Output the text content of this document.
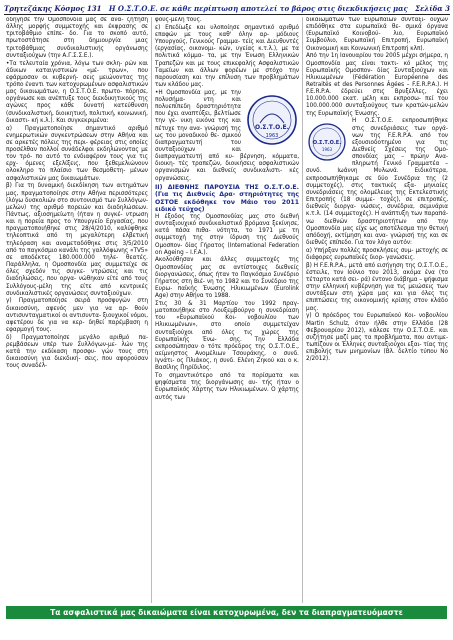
Τρητεζάκης Κόσμος 131 Η Ο.Σ.Τ.Ο.Ε. σε κάθε περίπτωση αποτελεί το βάρος στις διεκδικήσεις μας Σελίδα 3

οδηγήσε την Ομοσπονδία μας σε ανα- ζήτηση άλλης μορφής συμμετοχής και έκφρασης σε τριτοβάθμιο επίπε- δο. Για το σκοπό αυτό, πρωτοστάτησε στη δημιουργία μιας τριτοβάθμιας συνδικαλιστικής οργάνωσης συνταξιούχων (την Α.Γ.Σ.Σ.Ε.).

•Τα τελευταία χρόνια, λόγω των σκλη- ρών και άδικων καταιγιστικών «μέ- τρων», που εφάρμοσαν οι κυβερνή- σεις μειώνοντας της τρόπο έναντι των κατοχυρωμένων ασφαλιστικών μας δικαιωμάτων, η Ο.Σ.Τ.Ο.Ε. πρωτο- πόρησε, οργάνωσε και ανέπτυξε τους διεκδικητικούς της αγώνες προς κάθε δυνατή κατεύθυνση (συνδικαλιστική, διοικητική, πολιτική, κοινωνική, δικαστι- κή κ.λ.). Και συγκεκριμένα:

α) Πραγματοποίησε σημαντικό αριθμό ενημερωτικών συγκεντρώσεων στην Αθήνα και σε αρκετές πόλεις της περι- φέρειας στις οποίες προσέλθαν πολλοί συνάδελφοι εκδηλώνοντας με τον τρό- πο αυτό το ενδιαφέρον τους για τις ερχ- όμενες εξελίξεις, που ξεθεμελιώνουν ολοκληρο το πλαίσιο των θεσμοθετη- μένων ασφαλιστικών μας δικαιωμάτων.

β) Για τη δυναμική διεκδίκηση των αιτημάτων μας, πραγματοποίησε στην Αθήνα περισσότερες (λόγω δυσκολιών στο συντονισμό των Συλλόγων-μελών) της αριθμό πορειών και διαδηλώσεων. Πάντως, αξιοσημείωτη (ήταν η συγκέ- ντρωση και η πορεία προς το Υπουργείο Εργασίας, που πραγματοποιήθηκε στις 28/4/2010, καλύφθηκε τηλεοπτικά από τη μεγαλύτερη ελβετική τηλεόραση και αναμεταδόθηκε στις 3/5/2010 από το παγκόσμιο κανάλι της γαλλόφωνης «TV5» σε αποδέκτες 180.000.000 τηλε- θεατές. Παράλληλα, η Ομοσπονδία μας συμμετείχε σε όλες σχεδόν τις συγκε- ντρώσεις και τις διαδηλώσεις, που οργα- νώθηκαν είτε από τους Συλλόγους-μέλη της είτε από κεντρικές συνδικαλιστικές οργανώσεις συνταξιούχων.

γ) Πραγματοποίησε σειρά προσφυγών στη δικαιοσύνη, αφενός μεν για να αρ- θούν αντισυνταγματικοί οι αντισυντα- ξιουχικοί νόμοι, αφετέρου δε για να κερ- δηθεί παρέμβαση η εφαρμογή τους.

δ) Πραγματοποίησε μεγάλο αριθμό πα- ρεμβάσεων υπέρ των Συλλόγων-με- λών της κατά την εκδίκαση προσφυ- γών τους στη δικαιοσύνη για διεκδική- σεις, που αφορούσαν τους συναδέλ-

φους-μέλη τους.

ε) Επεδίωξε και υλοποίησε σημαντικό αριθμό επαφών με τους καθ' όλην αρ- μόδιους Υπουργούς, Γενικούς Γραμμα- τείς και Διευθυντές (εργασίας, οικονομι- κών, υγείας κ.τ.λ.), με τα πολιτικά κόμμα- τα, με την Ένωση Ελληνικών Τραπεζών και με τους επικεφαλής Ασφαλιστικών Ταμείων και άλλων φορέων με στόχο την παρουσίαση και την επίλυση των προβλημάτων των κλάδου μας.

Ο.Σ.Τ.Ο.Ε.
1963

•Η Ομοσπονδία μας, με την πολυσήμα- ντη και πολυεπίπεδη δραστηριότητα που έχει αναπτύξει, βελτίωσε την γε- νικη εικόνα της και πέτυχε την ανα- γνώρισή της ως του μοναδικού θε- σμικού διαπραγματευτή του συνταξιούχων και διαπραγματευτή από κυ- βέρνηση, κόμματα, διοικη- τές τραπεζών, διοικήσεις ασφαλιστικών οργανισμών και διεθνείς συνδικαλιστι- κές οργανώσεις.

ΙΙ) ΔΙΕΘΝΗΣ ΠΑΡΟΥΣΙΑ ΤΗΣ Ο.Σ.Τ.Ο.Ε. (Για τις Διεθνείς Δρα- στηριότητες της ΟΣΤΟΕ εκδόθηκε τον Μάιο του 2011 ειδικό τεύχος)

Η έξοδος της Ομοσπονδίας μας στο διεθνή συνταξιουχικό συνδικαλιστικό βρόμανα ξεκίνησε, κατά πάσα πιθα- νότητα, το 1971 με τη συμμετοχή της στην ίδρυση της Διεθνούς Ομοσπον- δίας Γήρατος (International Federation on Ageing – I.F.A.).

Ακολούθησαν και άλλες συμμετοχές της Ομοσπονδίας μας σε αντίστοιχες διεθνείς διοργανώσεις, όπως ήταν το Παγκόσμιο Συνέδριο Γήρατος στη Βιέ- νη το 1982 και το Συνέδριο της Ευρω- παϊκής Ένωσης Ηλικιωμένων (Eurolink Age) στην Αθήνα το 1988.

Στις 30 & 31 Μαρτίου του 1992 πραγ- ματοποιήθηκε στο Λουξεμβούργο η συνεδρίαση του «Ευρωπαϊκού Κοι- νοβουλίου των Ηλικιωμένων», στο οποίο συμμετείχαν συνταξιούχοι από όλες τις χώρες της Ευρωπαϊκής Ένω- σης. Την Ελλάδα εκπροσώπησαν ο τότε πρόεδρος της Ο.Σ.Τ.Ο.Ε., αείμνηστος Ανομέλιων Τσουράκης, ο συνδ. Ιγνάτι- ος Πλιάκος, η συνδ. Ελένη Ζηκού και ο κ. Βασίλης Πηρίδιλος.

Το σημαντικότερο από τα πορίσματα και ψηφίσματα της διοργάνωσης αυ- τής ήταν ο Ευρωπαϊκός Χάρτης των Ηλικιωμένων. Ο χάρτης αυτός των

δικαιωμάτων των Ευρωπαίων συνταξι- ούχων επιδόθηκε στα ευρωπαϊκά θε- σμικά όργανα (Ευρωπαϊκό Κοινοβού- λιο, Ευρωπαϊκό Συμβούλιο, Ευρωπαϊκή Επιτροπή, Ευρωπαϊκή Οικονομική και Κοινωνική Επιτροπή κλπ).

Από την 1η Ιανουαρίου του 2005 μέχρι σήμερα, η Ομοσπονδία μας είναι τακτι- κό μέλος της Ευρωπαϊκής Ομοσπον- δίας Συνταξιούχων και Ηλικιωμένων (Fédération Européenne des Retraités et des Personnes Âgées – F.E.R.P.A.). Η F.E.R.P.A. έδρεύει στις Βρυξέλλες, έχει 10.000.000 εκατ. μέλη και εκπροσω- πεί του 100.000.000 συνταξιούχους των κρατών-μελών της Ευρωπαϊκής Ένωσης.

Ο.Σ.Τ.Ο.Ε.
1963

Η Ο.Σ.Τ.Ο.Ε. εκπροσωπήθηκε στις συνεδριάσεις των οργά- νων της F.E.R.P.A. από τον εξουσιοδοτημένο για τις Διεθνείς Σχέσεις της Ομο- σπονδίας μας – πρώην Ανα- πληρωτή Γενικό Γραμματέα – συνδ. Ιωάννη Μυλωνά. Ειδικότερα, εκπροσωπήθηκαμε σε δύο Συνέδρια της (2 συμμετοχές), στις τακτικές εξα- μηνιαίες συνεδριάσεις της ολομέλειας της Εκτελεστικής Επιτροπής (18 συμμε- τοχές), σε επιτροπές, διεθνείς διοργα- νώσεις, συνέδρια, σεμινάρια κ.τ.λ. (14 συμμετοχές). Η ανάπτυξη των παραπά- νω διεθνών δραστηριοτήτων από την Ομοσπονδία μας είχε ως αποτέλεσμα την θετική απόδοχή, εκτίμηση και ανα- γνώρισή της και σε διεθνές επίπεδο. Για τον λόγο αυτόν:

α) Υπήρξαν πολλές προσκλήσεις συμ- μετοχής σε διάφορες ευρωπαϊκές διορ- γανώσεις.

β) Η F.E.R.P.A., μετά από εισήγηση της Ο.Σ.Τ.Ο.Ε., έστειλε, τον Ιούνιο του 2013, ακόμα ένα (το τέταρτο κατά σει- ρά) έντονο διάβημα – ψήφισμα στην ελληνική κυβέρνηση για τις μειώσεις των συντάξεων στη χώρα μας και για όλες τις επιπτώσεις της οικονομικής κρίσης στον κλάδο μας.

γ) Ο πρόεδρος του Ευρωπαϊκού Κοι- νοβουλίου Martin Schulz, όταν ήλθε στην Ελλάδα (28 Φεβρουαρίου 2012), κάλεσε την Ο.Σ.Τ.Ο.Ε. και συζήτησε μαζί μας τα προβλήματα, που αντιμε- τωπίζουν οι Έλληνες συνταξιούχοι εξαι- τίας της επιβολής των μνημονίων (Βλ. δελτίο τύπου Νο 2/2012).

Τα ασφαλιστικά μας δικαιώματα είναι κατοχυρωμένα, δεν τα διαπραγματευόμαστε
